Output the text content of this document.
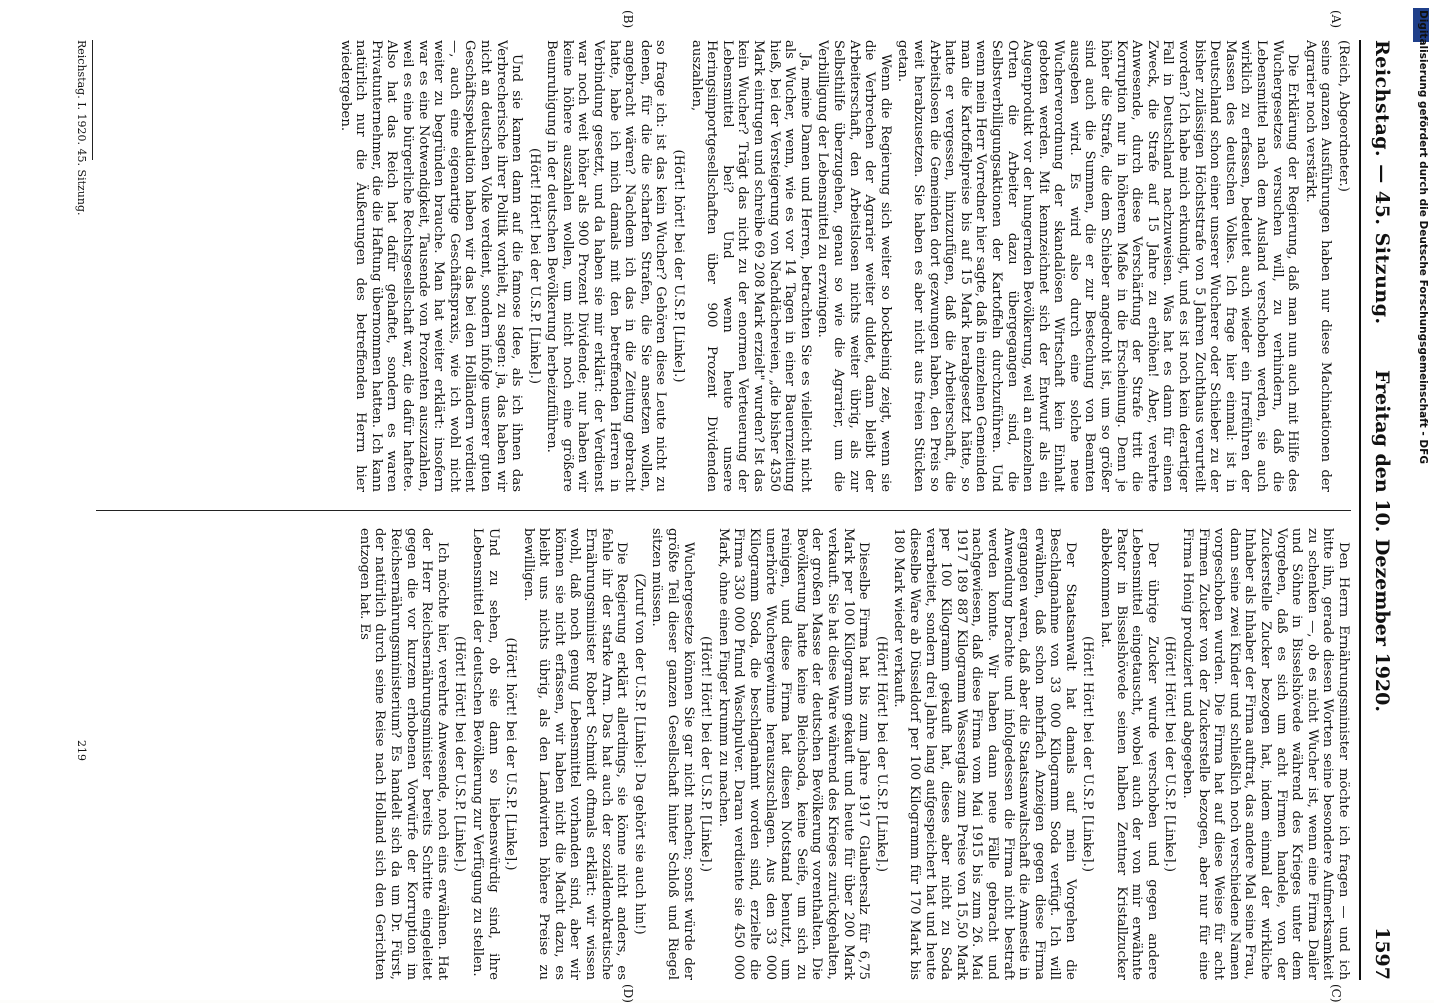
Reichstag. — 45. Sitzung.
Freitag den 10. Dezember 1920.
1597
(A)
(B)
(C)
(D)

(Reich, Abgeordneter.)

seine ganzen Ausführungen haben nur diese Machinationen der Agrarier noch verstärkt.

Die Erklärung der Regierung, daß man nun auch mit Hilfe des Wuchergesetzes versuchen will, zu verhindern, daß die Lebensmittel nach dem Ausland verschoben werden, sie auch wirklich zu erfassen, bedeutet auch wieder ein Irreführen der Massen des deutschen Volkes. Ich frage hier einmal: ist in Deutschland schon einer unserer Wucherer oder Schieber zu der bisher zulässigen Höchststrafe von 5 Jahren Zuchthaus verurteilt worden? Ich habe mich erkundigt, und es ist noch kein derartiger Fall in Deutschland nachzuweisen. Was hat es dann für einen Zweck, die Strafe auf 15 Jahre zu erhöhen! Aber, verehrte Anwesende, durch diese Verschärfung der Strafe tritt die Korruption nur in höherem Maße in die Erscheinung. Denn je höher die Strafe, die dem Schieber angedroht ist, um so größer sind auch die Summen, die er zur Bestechung von Beamten ausgeben wird. Es wird also durch eine solche neue Wucherverordnung der skandalösen Wirtschaft kein Einhalt geboten werden. Mit kennzeichnet sich der Entwurf als ein Augenprodukt vor der hungernden Bevölkerung, weil an einzelnen Orten die Arbeiter dazu übergegangen sind, die Selbstverbilligungsaktionen der Kartoffeln durchzuführen. Und wenn mein Herr Vorredner hier sagte, daß in einzelnen Gemeinden man die Kartoffelpreise bis auf 15 Mark herabgesetzt hätte, so hatte er vergessen, hinzuzufügen, daß die Arbeiterschaft, die Arbeitslosen die Gemeinden dort gezwungen haben, den Preis so weit herabzusetzen. Sie haben es aber nicht aus freien Stücken getan.

Wenn die Regierung sich weiter so bockbeinig zeigt, wenn sie die Verbrechen der Agrarier weiter duldet, dann bleibt der Arbeiterschaft, den Arbeitslosen nichts weiter übrig, als zur Selbsthilfe überzugehen, genau so wie die Agrarier, um die Verbilligung der Lebensmittel zu erzwingen.

Ja, meine Damen und Herren, betrachten Sie es vielleicht nicht als Wucher, wenn, wie es vor 14 Tagen in einer Bauernzeitung hieß, bei der Versteigerung von Nachdächereien, „die bisher 4350 Mark eintrugen und schreibe 69 208 Mark erzielt" wurden? Ist das kein Wucher? Trägt das nicht zu der enormen Verteuerung der Lebensmittel bei? Und wenn heute unsere Heringsimportgesellschaften über 900 Prozent Dividenden auszahlen,

(Hört! hört! bei der U.S.P. [Linke].)

so frage ich: ist das kein Wucher? Gehören diese Leute nicht zu denen, für die die scharfen Strafen, die Sie ansetzen wollen, angebracht wären? Nachdem ich das in die Zeitung gebracht hatte, habe ich mich damals mit den betreffenden Herren in Verbindung gesetzt, und da haben sie mir erklärt: der Verdienst war noch weit höher als 900 Prozent Dividende; nur haben wir keine höhere auszahlen wollen, um nicht noch eine größere Beunruhigung in der deutschen Bevölkerung herbeizuführen.

(Hört! Hört! bei der U.S.P. [Linke].)

Und sie kamen dann auf die famose Idee, als ich ihnen das Verbrecherische ihrer Politik vorhielt, zu sagen: ja, das haben wir nicht an deutschen Volke verdient, sondern infolge unserer guten Geschäftsspekulation haben wir das bei den Holländern verdient —, auch eine eigenartige Geschäftspraxis, wie ich wohl nicht weiter zu begründen brauche. Man hat weiter erklärt: insofern war es eine Notwendigkeit, Tausende von Prozenten auszuzahlen, weil es eine bürgerliche Rechtsgesellschaft war, die dafür haftete. Also hat das Reich hat dafür gehaftet, sondern es waren Privatunternehmer, die die Haftung übernommen hatten. Ich kann natürlich nur die Äußerungen des betreffenden Herrn hier wiedergeben.

Den Herrn Ernährungsminister möchte ich fragen — und ich bitte ihn, gerade diesen Worten seine besondere Aufmerksamkeit zu schenken —, ob es nicht Wucher ist, wenn eine Firma Dailer und Söhne in Bisselshövede während des Krieges unter dem Vorgeben, daß es sich um acht Firmen handele, von der Zuckerstelle Zucker bezogen hat, indem einmal der wirkliche Inhaber als Inhaber der Firma auftrat, das andere Mal seine Frau, dann seine zwei Kinder und schließlich noch verschiedene Namen vorgeschoben wurden. Die Firma hat auf diese Weise für acht Firmen Zucker von der Zuckerstelle bezogen, aber nur für eine Firma Honig produziert und abgegeben.

(Hört! Hört! bei der U.S.P. [Linke].)

Der übrige Zucker wurde verschoben und gegen andere Lebensmittel eingetauscht, wobei auch der von mir erwähnte Pastor in Bisselshövede seinen halben Zentner Kristallzucker abbekommen hat.

(Hört! Hört! bei der U.S.P. [Linke].)

Der Staatsanwalt hat damals auf mein Vorgehen die Beschlagnahme von 33 000 Kilogramm Soda verfügt. Ich will erwähnen, daß schon mehrfach Anzeigen gegen diese Firma ergangen waren, daß aber die Staatsanwaltschaft die Amnestie in Anwendung brachte und infolgedessen die Firma nicht bestraft werden konnte. Wir haben dann neue Fälle gebracht und nachgewiesen, daß diese Firma vom Mai 1915 bis zum 26. Mai 1917 189 887 Kilogramm Wasserglas zum Preise von 15,50 Mark per 100 Kilogramm gekauft hat, dieses aber nicht zu Soda verarbeitet, sondern drei Jahre lang aufgespeichert hat und heute dieselbe Ware ab Düsseldorf per 100 Kilogramm für 170 Mark bis 180 Mark wieder verkauft.

(Hört! Hört! bei der U.S.P. [Linke].)

Dieselbe Firma hat bis zum Jahre 1917 Glaubersalz für 6,75 Mark per 100 Kilogramm gekauft und heute für über 200 Mark verkauft. Sie hat diese Ware während des Krieges zurückgehalten, der großen Masse der deutschen Bevölkerung vorenthalten. Die Bevölkerung hatte keine Bleichsoda, keine Seife, um sich zu reinigen, und diese Firma hat diesen Notstand benutzt, um unerhörte Wuchergewinne herauszuschlagen. Aus den 33 000 Kilogramm Soda, die beschlagnahmt worden sind, erzielte die Firma 330 000 Pfund Waschpulver. Daran verdiente sie 450 000 Mark, ohne einen Finger krumm zu machen.

(Hört! Hört! bei der U.S.P. [Linke].)

Wuchergesetze können Sie gar nicht machen; sonst würde der größte Teil dieser ganzen Gesellschaft hinter Schloß und Riegel sitzen müssen.

(Zuruf von der U.S.P. [Linke]: Da gehört sie auch hin!)

Die Regierung erklärt allerdings, sie könne nicht anders, es fehle ihr der starke Arm. Das hat auch der sozialdemokratische Ernährungsminister Robert Schmidt oftmals erklärt: wir wissen wohl, daß noch genug Lebensmittel vorhanden sind, aber wir können sie nicht erfassen, wir haben nicht die Macht dazu, es bleibt uns nichts übrig, als den Landwirten höhere Preise zu bewilligen.

(Hört! hört! bei der U.S.P. [Linke].)

Und zu sehen, ob sie dann so liebenswürdig sind, ihre Lebensmittel der deutschen Bevölkerung zur Verfügung zu stellen.

(Hört! Hört! bei der U.S.P. [Linke].)

Ich möchte hier, verehrte Anwesende, noch eins erwähnen. Hat der Herr Reichsernährungsminister bereits Schritte eingeleitet gegen die vor kurzem erhobenen Vorwürfe der Korruption im Reichsernährungsministerium? Es handelt sich da um Dr. Fürst, der natürlich durch seine Reise nach Holland sich den Gerichten entzogen hat. Es

Reichstag. I. 1920. 45. Sitzung.
219
Digitalisierung gefördert durch die Deutsche Forschungsgemeinschaft - DFG
